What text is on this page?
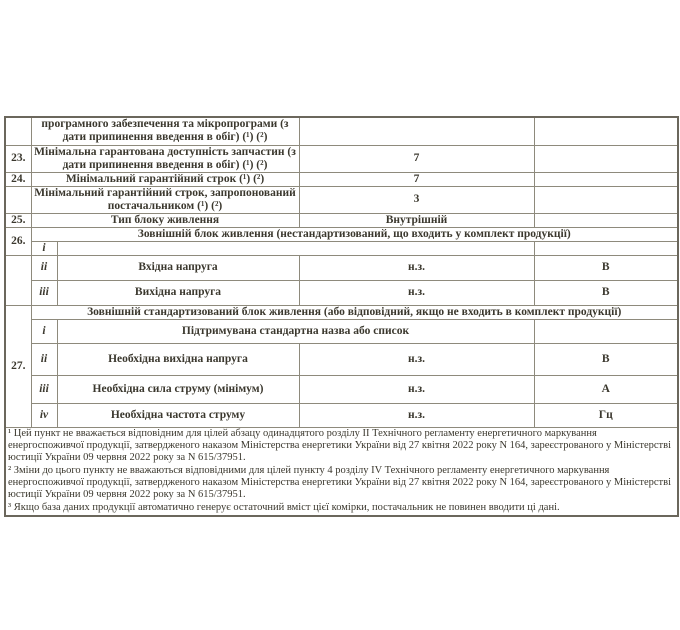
	програмного забезпечення та мікропрограми (з дати припинення введення в обіг) (¹) (²)			
23.	Мінімальна гарантована доступність запчастин (з дати припинення введення в обіг) (¹) (²)		7	
24.	Мінімальний гарантійний строк (¹) (²)		7	
	Мінімальний гарантійний строк, запропонований постачальником (¹) (²)		3	
25.	Тип блоку живлення		Внутрішній	
26.	Зовнішній блок живлення (нестандартизований, що входить у комплект продукції)			
	i			
	ii	Вхідна напруга	н.з.	В
	iii	Вихідна напруга	н.з.	В
27.	Зовнішній стандартизований блок живлення (або відповідний, якщо не входить в комплект продукції)			
	i	Підтримувана стандартна назва або список		
	ii	Необхідна вихідна напруга	н.з.	В
	iii	Необхідна сила струму (мінімум)	н.з.	А
	iv	Необхідна частота струму	н.з.	Гц

¹ Цей пункт не вважається відповідним для цілей абзацу одинадцятого розділу II Технічного регламенту енергетичного маркування енергоспоживчої продукції, затвердженого наказом Міністерства енергетики України від 27 квітня 2022 року N 164, зареєстрованого у Міністерстві юстиції України 09 червня 2022 року за N 615/37951.

² Зміни до цього пункту не вважаються відповідними для цілей пункту 4 розділу IV Технічного регламенту енергетичного маркування енергоспоживчої продукції, затвердженого наказом Міністерства енергетики України від 27 квітня 2022 року N 164, зареєстрованого у Міністерстві юстиції України 09 червня 2022 року за N 615/37951.

³ Якщо база даних продукції автоматично генерує остаточний вміст цієї комірки, постачальник не повинен вводити ці дані.				
